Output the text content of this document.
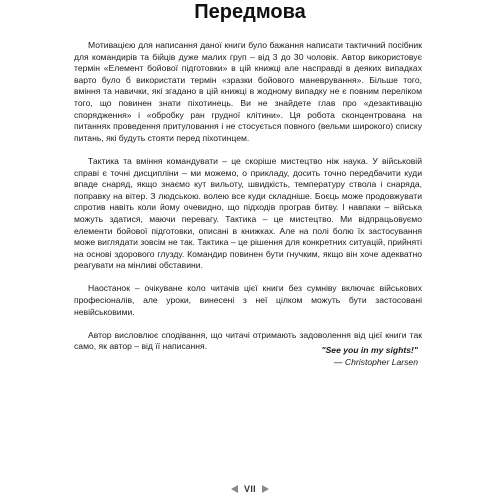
Передмова

Мотивацією для написання даної книги було бажання написати тактичний посібник для командирів та бійців дуже малих груп – від 3 до 30 чоловік. Автор використовує термін «Елемент бойової підготовки» в цій книжці але насправді в деяких випадках варто було б використати термін «зразки бойового маневрування». Більше того, вміння та навички, які згадано в цій книжці в жодному випадку не є повним переліком того, що повинен знати піхотинець. Ви не знайдете глав про «дезактивацію спорядження» і «обробку ран грудної клітини». Ця робота сконцентрована на питаннях проведення притуловання і не стосується повного (вельми широкого) списку питань, які будуть стояти перед піхотинцем.

Тактика та вміння командувати – це скоріше мистецтво ніж наука. У військовій справі є точні дисципліни – ми можемо, о прикладу, досить точно передбачити куди впаде снаряд, якщо знаємо кут вильоту, швидкість, температуру ствола і снаряда, поправку на вітер. З людською. волею все куди складніше. Боєць може продовжувати спротив навіть коли йому очевидно, що підходів програв битву. І навпаки – війська можуть здатися, маючи перевагу. Тактика – це мистецтво. Ми відпрацьовуємо елементи бойової підготовки, описані в книжках. Але на полі болю їх застосування може виглядати зовсім не так. Тактика – це рішення для конкретних ситуацій, прийняті на основі здорового глузду. Командир повинен бути гнучким, якщо він хоче адекватно реагувати на мінливі обставини.

Наостанок – очікуване коло читачів цієї книги без сумніву включає військових професіоналів, але уроки, винесені з неї цілком можуть бути застосовані невійськовими.

Автор висловлює сподівання, що читачі отримають задоволення від цієї книги так само, як автор – від її написання.	"See you in my sights!"
— Christopher Larsen
VII
